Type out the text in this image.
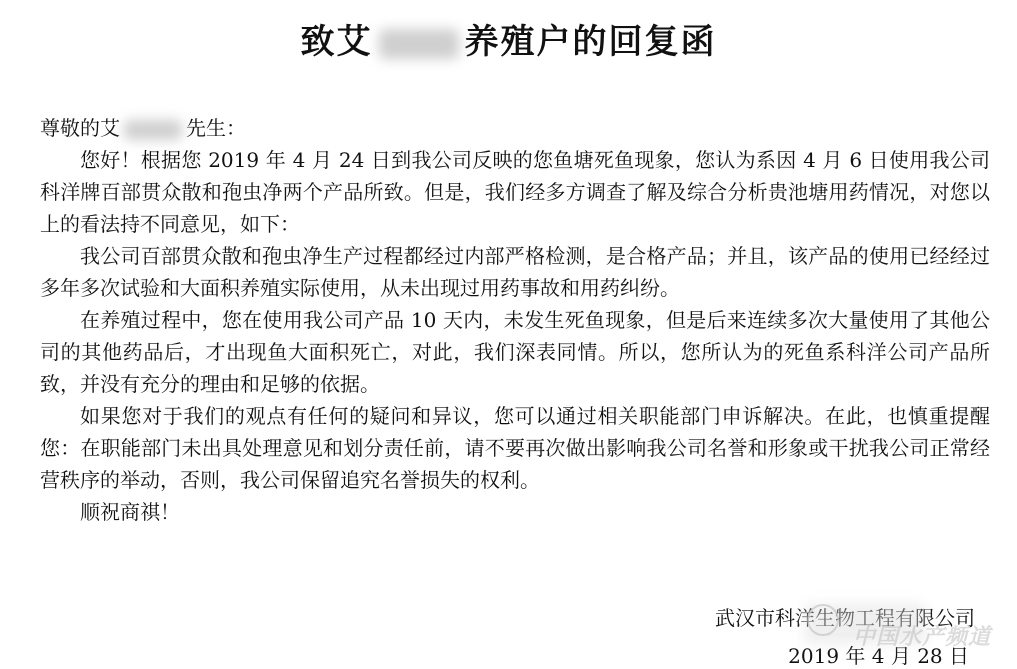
致艾	养殖户的回复函
尊敬的艾	先生：

您好！根据您 2019 年 4 月 24 日到我公司反映的您鱼塘死鱼现象，您认为系因 4 月 6 日使用我公司科洋牌百部贯众散和孢虫净两个产品所致。但是，我们经多方调查了解及综合分析贵池塘用药情况，对您以上的看法持不同意见，如下：

我公司百部贯众散和孢虫净生产过程都经过内部严格检测，是合格产品；并且，该产品的使用已经经过多年多次试验和大面积养殖实际使用，从未出现过用药事故和用药纠纷。

在养殖过程中，您在使用我公司产品 10 天内，未发生死鱼现象，但是后来连续多次大量使用了其他公司的其他药品后，才出现鱼大面积死亡，对此，我们深表同情。所以，您所认为的死鱼系科洋公司产品所致，并没有充分的理由和足够的依据。

如果您对于我们的观点有任何的疑问和异议，您可以通过相关职能部门申诉解决。在此，也慎重提醒您：在职能部门未出具处理意见和划分责任前，请不要再次做出影响我公司名誉和形象或干扰我公司正常经营秩序的举动，否则，我公司保留追究名誉损失的权利。

顺祝商祺！

武汉市科洋生物工程有限公司
2019 年 4 月 28 日
中国水产频道
